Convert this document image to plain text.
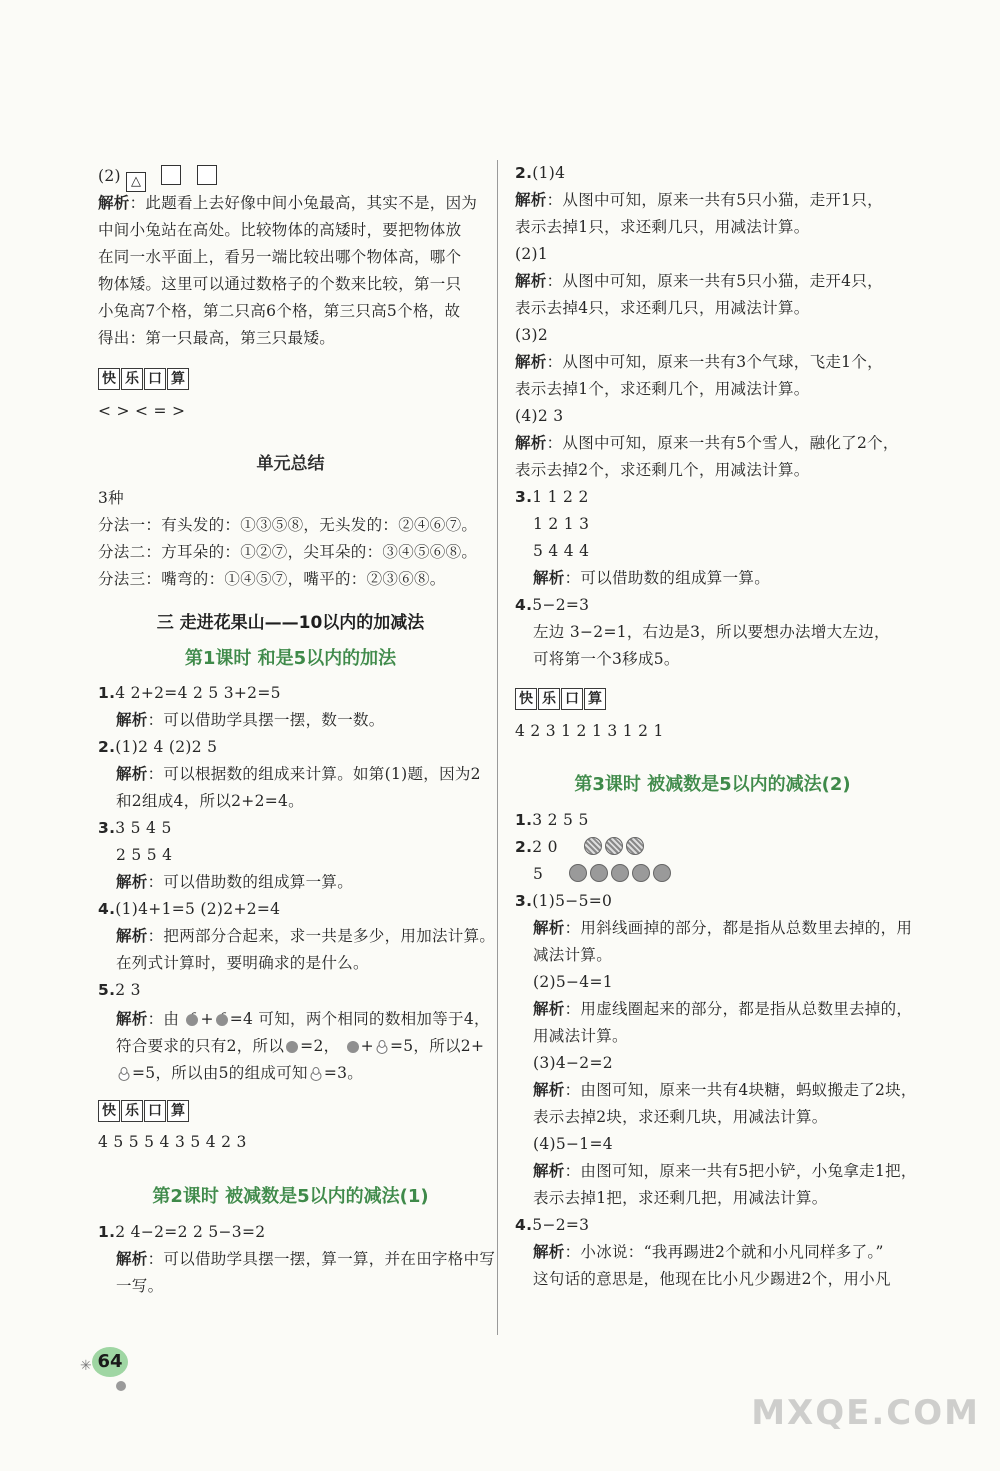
(2) △
解析：此题看上去好像中间小兔最高，其实不是，因为
中间小兔站在高处。比较物体的高矮时，要把物体放
在同一水平面上，看另一端比较出哪个物体高，哪个
物体矮。这里可以通过数格子的个数来比较，第一只
小兔高7个格，第二只高6个格，第三只高5个格，故
得出：第一只最高，第三只最矮。
快 乐 口 算
< > < = >
单元总结
3种
分法一：有头发的：①③⑤⑧，无头发的：②④⑥⑦。
分法二：方耳朵的：①②⑦，尖耳朵的：③④⑤⑥⑧。
分法三：嘴弯的：①④⑤⑦，嘴平的：②③⑥⑧。
三 走进花果山——10以内的加减法
第1课时 和是5以内的加法
1.4 2+2=4 2 5 3+2=5
解析：可以借助学具摆一摆，数一数。
2.(1)2 4 (2)2 5
解析：可以根据数的组成来计算。如第(1)题，因为2
和2组成4，所以2+2=4。
3.3 5 4 5
2 5 5 4
解析：可以借助数的组成算一算。
4.(1)4+1=5 (2)2+2=4
解析：把两部分合起来，求一共是多少，用加法计算。
在列式计算时，要明确求的是什么。
5.2 3
解析：由 + =4 可知，两个相同的数相加等于4，
符合要求的只有2，所以 =2， + =5，所以2+
=5，所以由5的组成可知 =3。
快 乐 口 算
4 5 5 5 4 3 5 4 2 3
第2课时 被减数是5以内的减法(1)
1.2 4−2=2 2 5−3=2
解析：可以借助学具摆一摆，算一算，并在田字格中写
一写。
2.(1)4
解析：从图中可知，原来一共有5只小猫，走开1只，
表示去掉1只，求还剩几只，用减法计算。
(2)1
解析：从图中可知，原来一共有5只小猫，走开4只，
表示去掉4只，求还剩几只，用减法计算。
(3)2
解析：从图中可知，原来一共有3个气球，飞走1个，
表示去掉1个，求还剩几个，用减法计算。
(4)2 3
解析：从图中可知，原来一共有5个雪人，融化了2个，
表示去掉2个，求还剩几个，用减法计算。
3.1 1 2 2
1 2 1 3
5 4 4 4
解析：可以借助数的组成算一算。
4.5−2=3
左边 3−2=1，右边是3，所以要想办法增大左边，
可将第一个3移成5。
快 乐 口 算
4 2 3 1 2 1 3 1 2 1
第3课时 被减数是5以内的减法(2)
1.3 2 5 5
2.2 0
5
3.(1)5−5=0
解析：用斜线画掉的部分，都是指从总数里去掉的，用
减法计算。
(2)5−4=1
解析：用虚线圈起来的部分，都是指从总数里去掉的，
用减法计算。
(3)4−2=2
解析：由图可知，原来一共有4块糖，蚂蚁搬走了2块，
表示去掉2块，求还剩几块，用减法计算。
(4)5−1=4
解析：由图可知，原来一共有5把小铲，小兔拿走1把，
表示去掉1把，求还剩几把，用减法计算。
4.5−2=3
解析：小冰说：“我再踢进2个就和小凡同样多了。”
这句话的意思是，他现在比小凡少踢进2个，用小凡
✳ 64
MXQE.COM
